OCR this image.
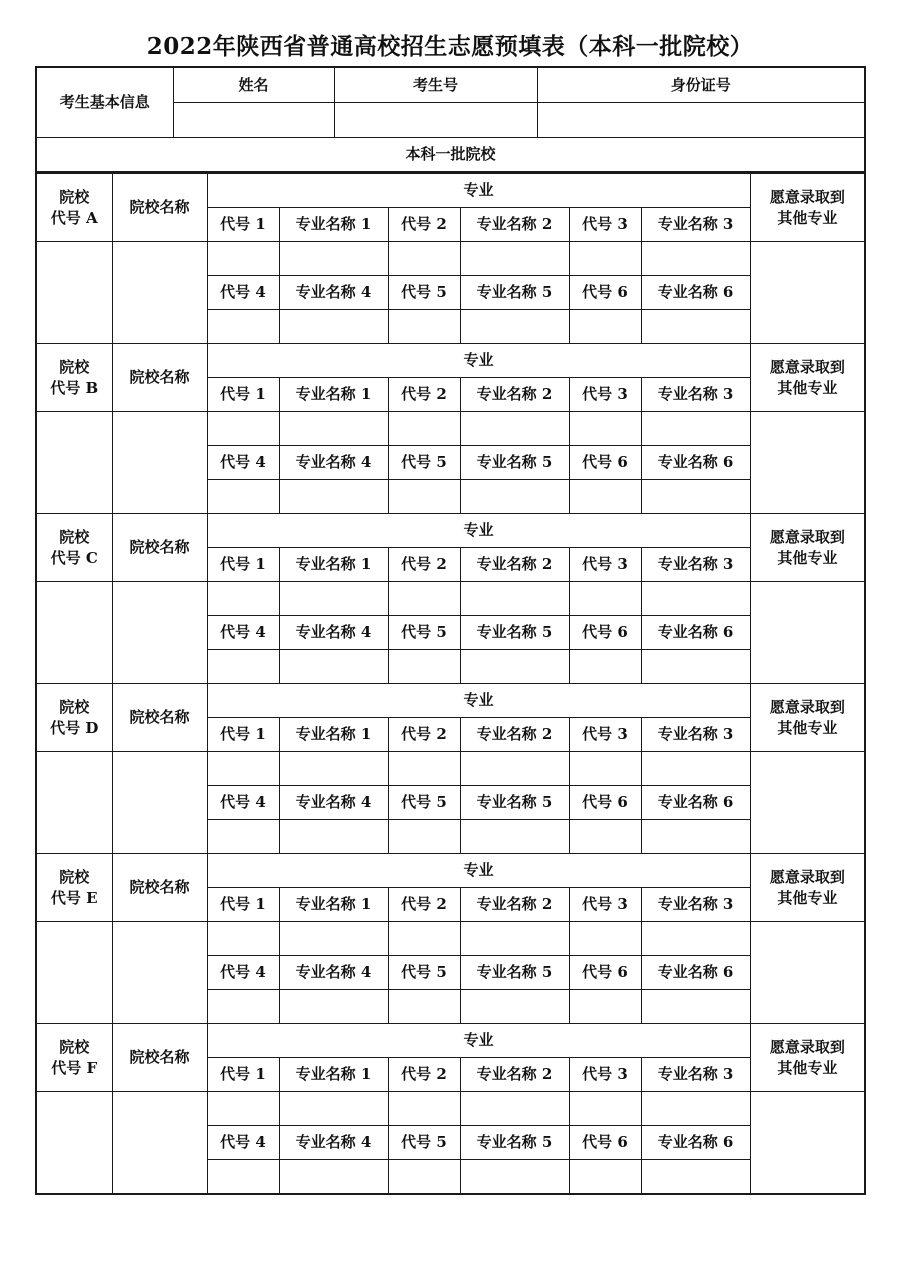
2022年陕西省普通高校招生志愿预填表（本科一批院校）
考生基本信息	姓名	考生号	身份证号

本科一批院校			
院校
代号 A	院校名称	专业						愿意录取到
其他专业
		代号 1	专业名称 1	代号 2	专业名称 2	代号 3	专业名称 3	

		代号 4	专业名称 4	代号 5	专业名称 5	代号 6	专业名称 6	

院校
代号 B	院校名称	专业						愿意录取到
其他专业
		代号 1	专业名称 1	代号 2	专业名称 2	代号 3	专业名称 3	

		代号 4	专业名称 4	代号 5	专业名称 5	代号 6	专业名称 6	

院校
代号 C	院校名称	专业						愿意录取到
其他专业
		代号 1	专业名称 1	代号 2	专业名称 2	代号 3	专业名称 3	

		代号 4	专业名称 4	代号 5	专业名称 5	代号 6	专业名称 6	

院校
代号 D	院校名称	专业						愿意录取到
其他专业
		代号 1	专业名称 1	代号 2	专业名称 2	代号 3	专业名称 3	

		代号 4	专业名称 4	代号 5	专业名称 5	代号 6	专业名称 6	

院校
代号 E	院校名称	专业						愿意录取到
其他专业
		代号 1	专业名称 1	代号 2	专业名称 2	代号 3	专业名称 3	

		代号 4	专业名称 4	代号 5	专业名称 5	代号 6	专业名称 6	

院校
代号 F	院校名称	专业						愿意录取到
其他专业
		代号 1	专业名称 1	代号 2	专业名称 2	代号 3	专业名称 3	

		代号 4	专业名称 4	代号 5	专业名称 5	代号 6	专业名称 6	
